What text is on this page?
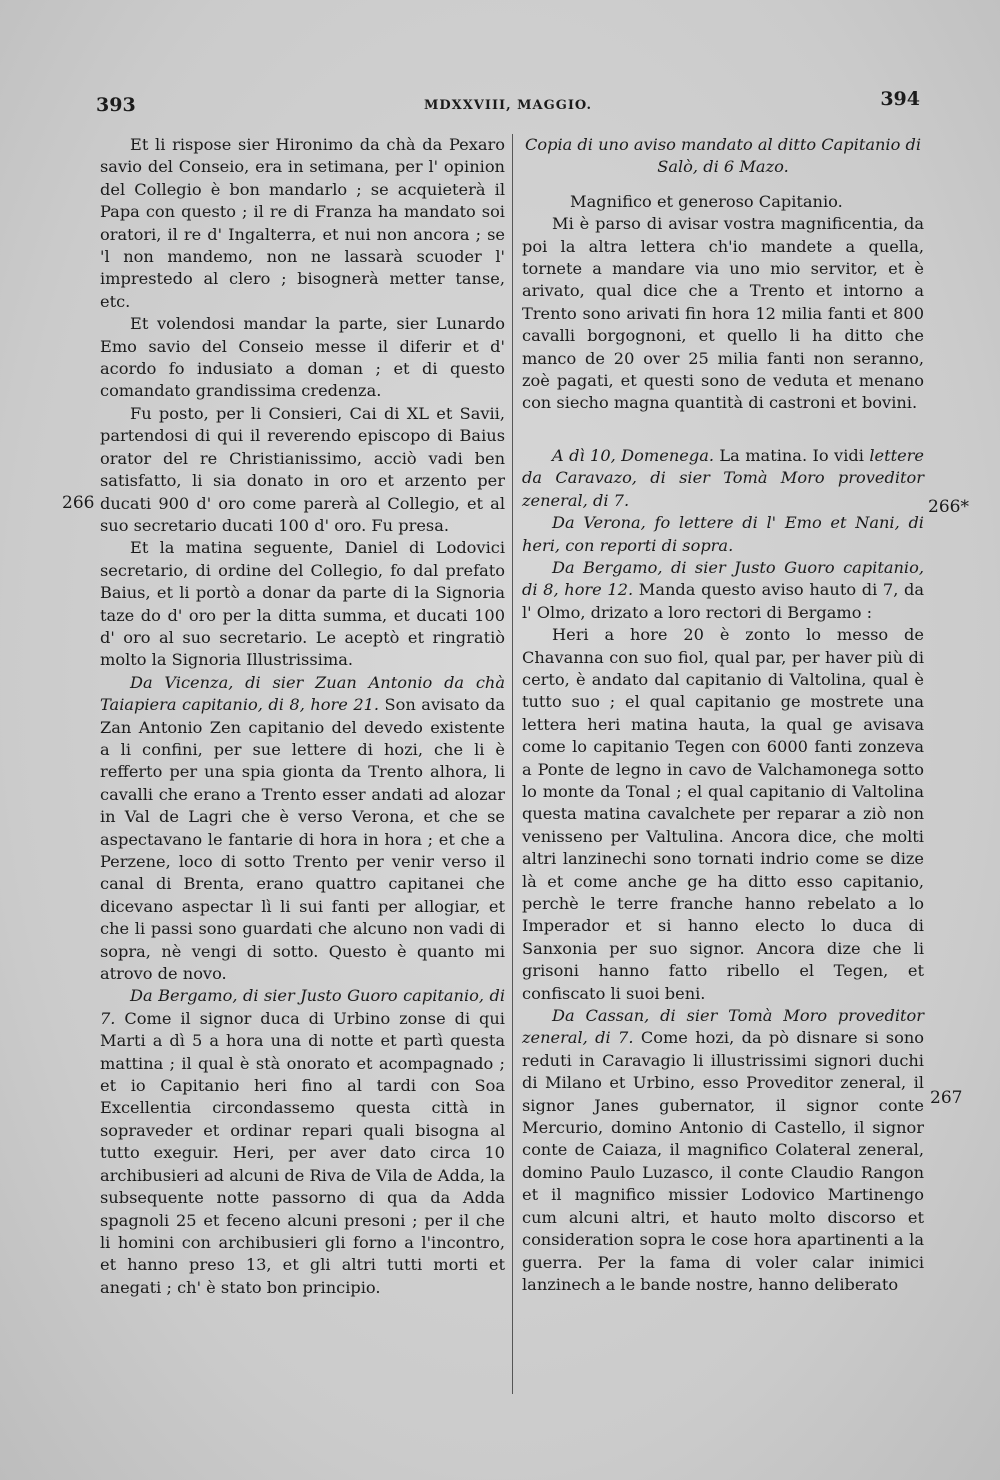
393	MDXXVIII, MAGGIO.	394
266	266*
267

Et li rispose sier Hironimo da chà da Pexaro savio del Conseio, era in setimana, per l' opinion del Collegio è bon mandarlo ; se acquieterà il Papa con questo ; il re di Franza ha mandato soi oratori, il re d' Ingalterra, et nui non ancora ; se 'l non mandemo, non ne lassarà scuoder l' imprestedo al clero ; bisognerà metter tanse, etc.

Et volendosi mandar la parte, sier Lunardo Emo savio del Conseio messe il diferir et d' acordo fo indusiato a doman ; et di questo comandato grandissima credenza.

Fu posto, per li Consieri, Cai di XL et Savii, partendosi di qui il reverendo episcopo di Baius orator del re Christianissimo, acciò vadi ben satisfatto, li sia donato in oro et arzento per ducati 900 d' oro come parerà al Collegio, et al suo secretario ducati 100 d' oro. Fu presa.

Et la matina seguente, Daniel di Lodovici secretario, di ordine del Collegio, fo dal prefato Baius, et li portò a donar da parte di la Signoria taze do d' oro per la ditta summa, et ducati 100 d' oro al suo secretario. Le aceptò et ringratiò molto la Signoria Illustrissima.

Da Vicenza, di sier Zuan Antonio da chà Taiapiera capitanio, di 8, hore 21. Son avisato da Zan Antonio Zen capitanio del devedo existente a li confini, per sue lettere di hozi, che li è refferto per una spia gionta da Trento alhora, li cavalli che erano a Trento esser andati ad alozar in Val de Lagri che è verso Verona, et che se aspectavano le fantarie di hora in hora ; et che a Perzene, loco di sotto Trento per venir verso il canal di Brenta, erano quattro capitanei che dicevano aspectar lì li sui fanti per allogiar, et che li passi sono guardati che alcuno non vadi di sopra, nè vengi di sotto. Questo è quanto mi atrovo de novo.

Da Bergamo, di sier Justo Guoro capitanio, di 7. Come il signor duca di Urbino zonse di qui Marti a dì 5 a hora una di notte et partì questa mattina ; il qual è stà onorato et acompagnado ; et io Capitanio heri fino al tardi con Soa Excellentia circondassemo questa città in sopraveder et ordinar repari quali bisogna al tutto exeguir. Heri, per aver dato circa 10 archibusieri ad alcuni de Riva de Vila de Adda, la subsequente notte passorno di qua da Adda spagnoli 25 et feceno alcuni presoni ; per il che li homini con archibusieri gli forno a l'incontro, et hanno preso 13, et gli altri tutti morti et anegati ; ch' è stato bon principio.

Copia di uno aviso mandato al ditto Capitanio di Salò, di 6 Mazo.

Magnifico et generoso Capitanio.

Mi è parso di avisar vostra magnificentia, da poi la altra lettera ch'io mandete a quella, tornete a mandare via uno mio servitor, et è arivato, qual dice che a Trento et intorno a Trento sono arivati fin hora 12 milia fanti et 800 cavalli borgognoni, et quello li ha ditto che manco de 20 over 25 milia fanti non seranno, zoè pagati, et questi sono de veduta et menano con siecho magna quantità di castroni et bovini.

A dì 10, Domenega. La matina. Io vidi lettere da Caravazo, di sier Tomà Moro proveditor zeneral, di 7.

Da Verona, fo lettere di l' Emo et Nani, di heri, con reporti di sopra.

Da Bergamo, di sier Justo Guoro capitanio, di 8, hore 12. Manda questo aviso hauto di 7, da l' Olmo, drizato a loro rectori di Bergamo :

Heri a hore 20 è zonto lo messo de Chavanna con suo fiol, qual par, per haver più di certo, è andato dal capitanio di Valtolina, qual è tutto suo ; el qual capitanio ge mostrete una lettera heri matina hauta, la qual ge avisava come lo capitanio Tegen con 6000 fanti zonzeva a Ponte de legno in cavo de Valchamonega sotto lo monte da Tonal ; el qual capitanio di Valtolina questa matina cavalchete per reparar a ziò non venisseno per Valtulina. Ancora dice, che molti altri lanzinechi sono tornati indrio come se dize là et come anche ge ha ditto esso capitanio, perchè le terre franche hanno rebelato a lo Imperador et si hanno electo lo duca di Sanxonia per suo signor. Ancora dize che li grisoni hanno fatto ribello el Tegen, et confiscato li suoi beni.

Da Cassan, di sier Tomà Moro proveditor zeneral, di 7. Come hozi, da pò disnare si sono reduti in Caravagio li illustrissimi signori duchi di Milano et Urbino, esso Proveditor zeneral, il signor Janes gubernator, il signor conte Mercurio, domino Antonio di Castello, il signor conte de Caiaza, il magnifico Colateral zeneral, domino Paulo Luzasco, il conte Claudio Rangon et il magnifico missier Lodovico Martinengo cum alcuni altri, et hauto molto discorso et consideration sopra le cose hora apartinenti a la guerra. Per la fama di voler calar inimici lanzinech a le bande nostre, hanno deliberato
